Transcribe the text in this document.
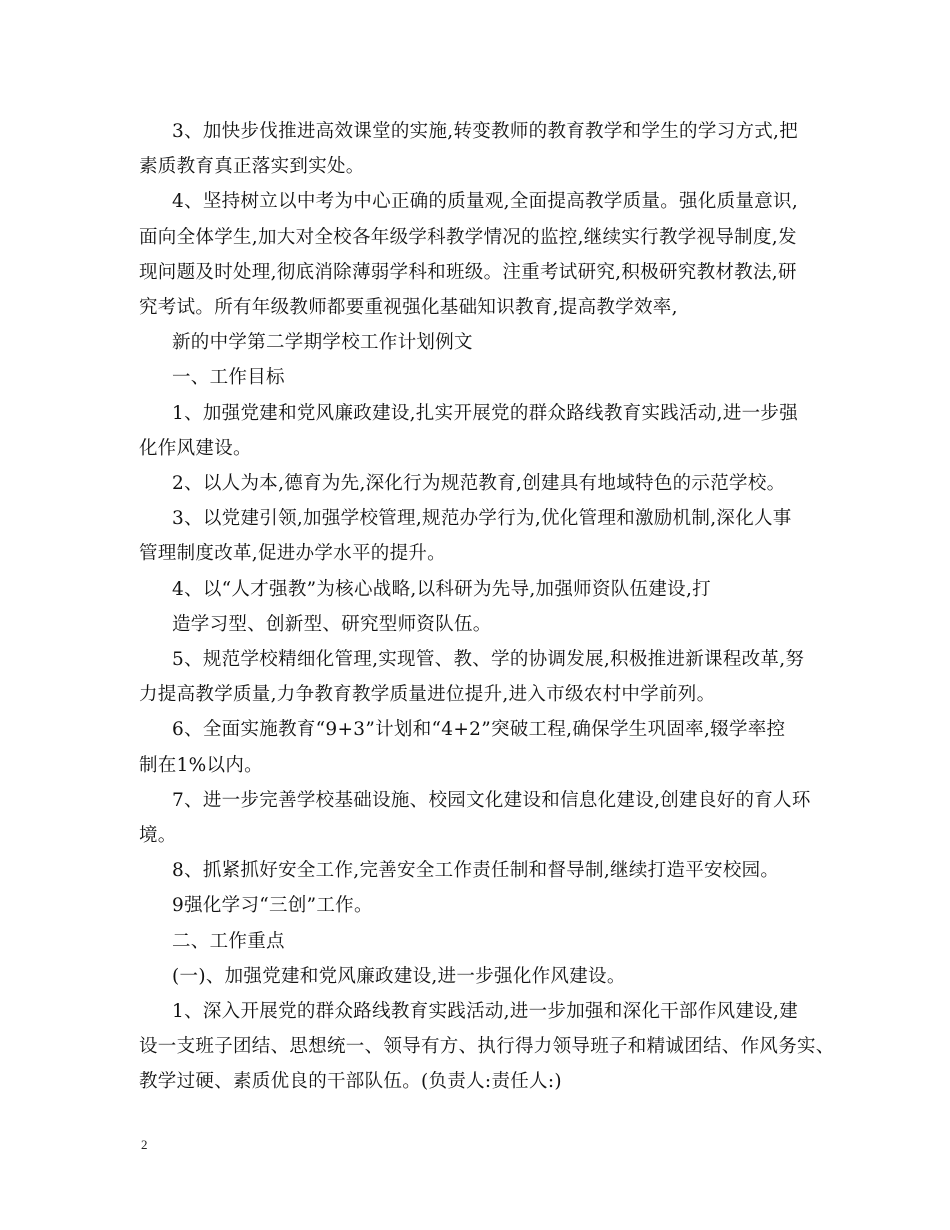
3、加快步伐推进高效课堂的实施,转变教师的教育教学和学生的学习方式,把

素质教育真正落实到实处。

4、坚持树立以中考为中心正确的质量观,全面提高教学质量。强化质量意识,

面向全体学生,加大对全校各年级学科教学情况的监控,继续实行教学视导制度,发

现问题及时处理,彻底消除薄弱学科和班级。注重考试研究,积极研究教材教法,研

究考试。所有年级教师都要重视强化基础知识教育,提高教学效率,

新的中学第二学期学校工作计划例文

一、工作目标

1、加强党建和党风廉政建设,扎实开展党的群众路线教育实践活动,进一步强

化作风建设。

2、以人为本,德育为先,深化行为规范教育,创建具有地域特色的示范学校。

3、以党建引领,加强学校管理,规范办学行为,优化管理和激励机制,深化人事

管理制度改革,促进办学水平的提升。

4、以“人才强教”为核心战略,以科研为先导,加强师资队伍建设,打

造学习型、创新型、研究型师资队伍。

5、规范学校精细化管理,实现管、教、学的协调发展,积极推进新课程改革,努

力提高教学质量,力争教育教学质量进位提升,进入市级农村中学前列。

6、全面实施教育“9+3”计划和“4+2”突破工程,确保学生巩固率,辍学率控

制在1%以内。

7、进一步完善学校基础设施、校园文化建设和信息化建设,创建良好的育人环

境。

8、抓紧抓好安全工作,完善安全工作责任制和督导制,继续打造平安校园。

9强化学习“三创”工作。

二、工作重点

(一)、加强党建和党风廉政建设,进一步强化作风建设。

1、深入开展党的群众路线教育实践活动,进一步加强和深化干部作风建设,建

设一支班子团结、思想统一、领导有方、执行得力领导班子和精诚团结、作风务实、

教学过硬、素质优良的干部队伍。(负责人:责任人:)

2
